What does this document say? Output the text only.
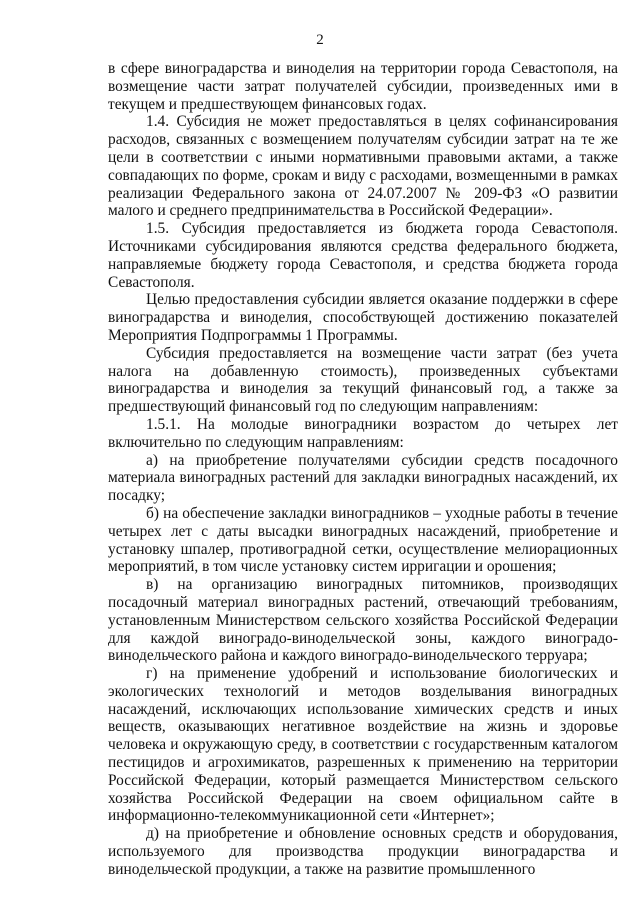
2

в сфере виноградарства и виноделия на территории города Севастополя, на возмещение части затрат получателей субсидии, произведенных ими в текущем и предшествующем финансовых годах.

1.4. Субсидия не может предоставляться в целях софинансирования расходов, связанных с возмещением получателям субсидии затрат на те же цели в соответствии с иными нормативными правовыми актами, а также совпадающих по форме, срокам и виду с расходами, возмещенными в рамках реализации Федерального закона от 24.07.2007 № 209-ФЗ «О развитии малого и среднего предпринимательства в Российской Федерации».

1.5. Субсидия предоставляется из бюджета города Севастополя. Источниками субсидирования являются средства федерального бюджета, направляемые бюджету города Севастополя, и средства бюджета города Севастополя.

Целью предоставления субсидии является оказание поддержки в сфере виноградарства и виноделия, способствующей достижению показателей Мероприятия Подпрограммы 1 Программы.

Субсидия предоставляется на возмещение части затрат (без учета налога на добавленную стоимость), произведенных субъектами виноградарства и виноделия за текущий финансовый год, а также за предшествующий финансовый год по следующим направлениям:

1.5.1. На молодые виноградники возрастом до четырех лет включительно по следующим направлениям:

а) на приобретение получателями субсидии средств посадочного материала виноградных растений для закладки виноградных насаждений, их посадку;

б) на обеспечение закладки виноградников – уходные работы в течение четырех лет с даты высадки виноградных насаждений, приобретение и установку шпалер, противоградной сетки, осуществление мелиорационных мероприятий, в том числе установку систем ирригации и орошения;

в) на организацию виноградных питомников, производящих посадочный материал виноградных растений, отвечающий требованиям, установленным Министерством сельского хозяйства Российской Федерации для каждой виноградо-винодельческой зоны, каждого виноградо-винодельческого района и каждого виноградо-винодельческого терруара;

г) на применение удобрений и использование биологических и экологических технологий и методов возделывания виноградных насаждений, исключающих использование химических средств и иных веществ, оказывающих негативное воздействие на жизнь и здоровье человека и окружающую среду, в соответствии с государственным каталогом пестицидов и агрохимикатов, разрешенных к применению на территории Российской Федерации, который размещается Министерством сельского хозяйства Российской Федерации на своем официальном сайте в информационно-телекоммуникационной сети «Интернет»;

д) на приобретение и обновление основных средств и оборудования, используемого для производства продукции виноградарства и винодельческой продукции, а также на развитие промышленного
